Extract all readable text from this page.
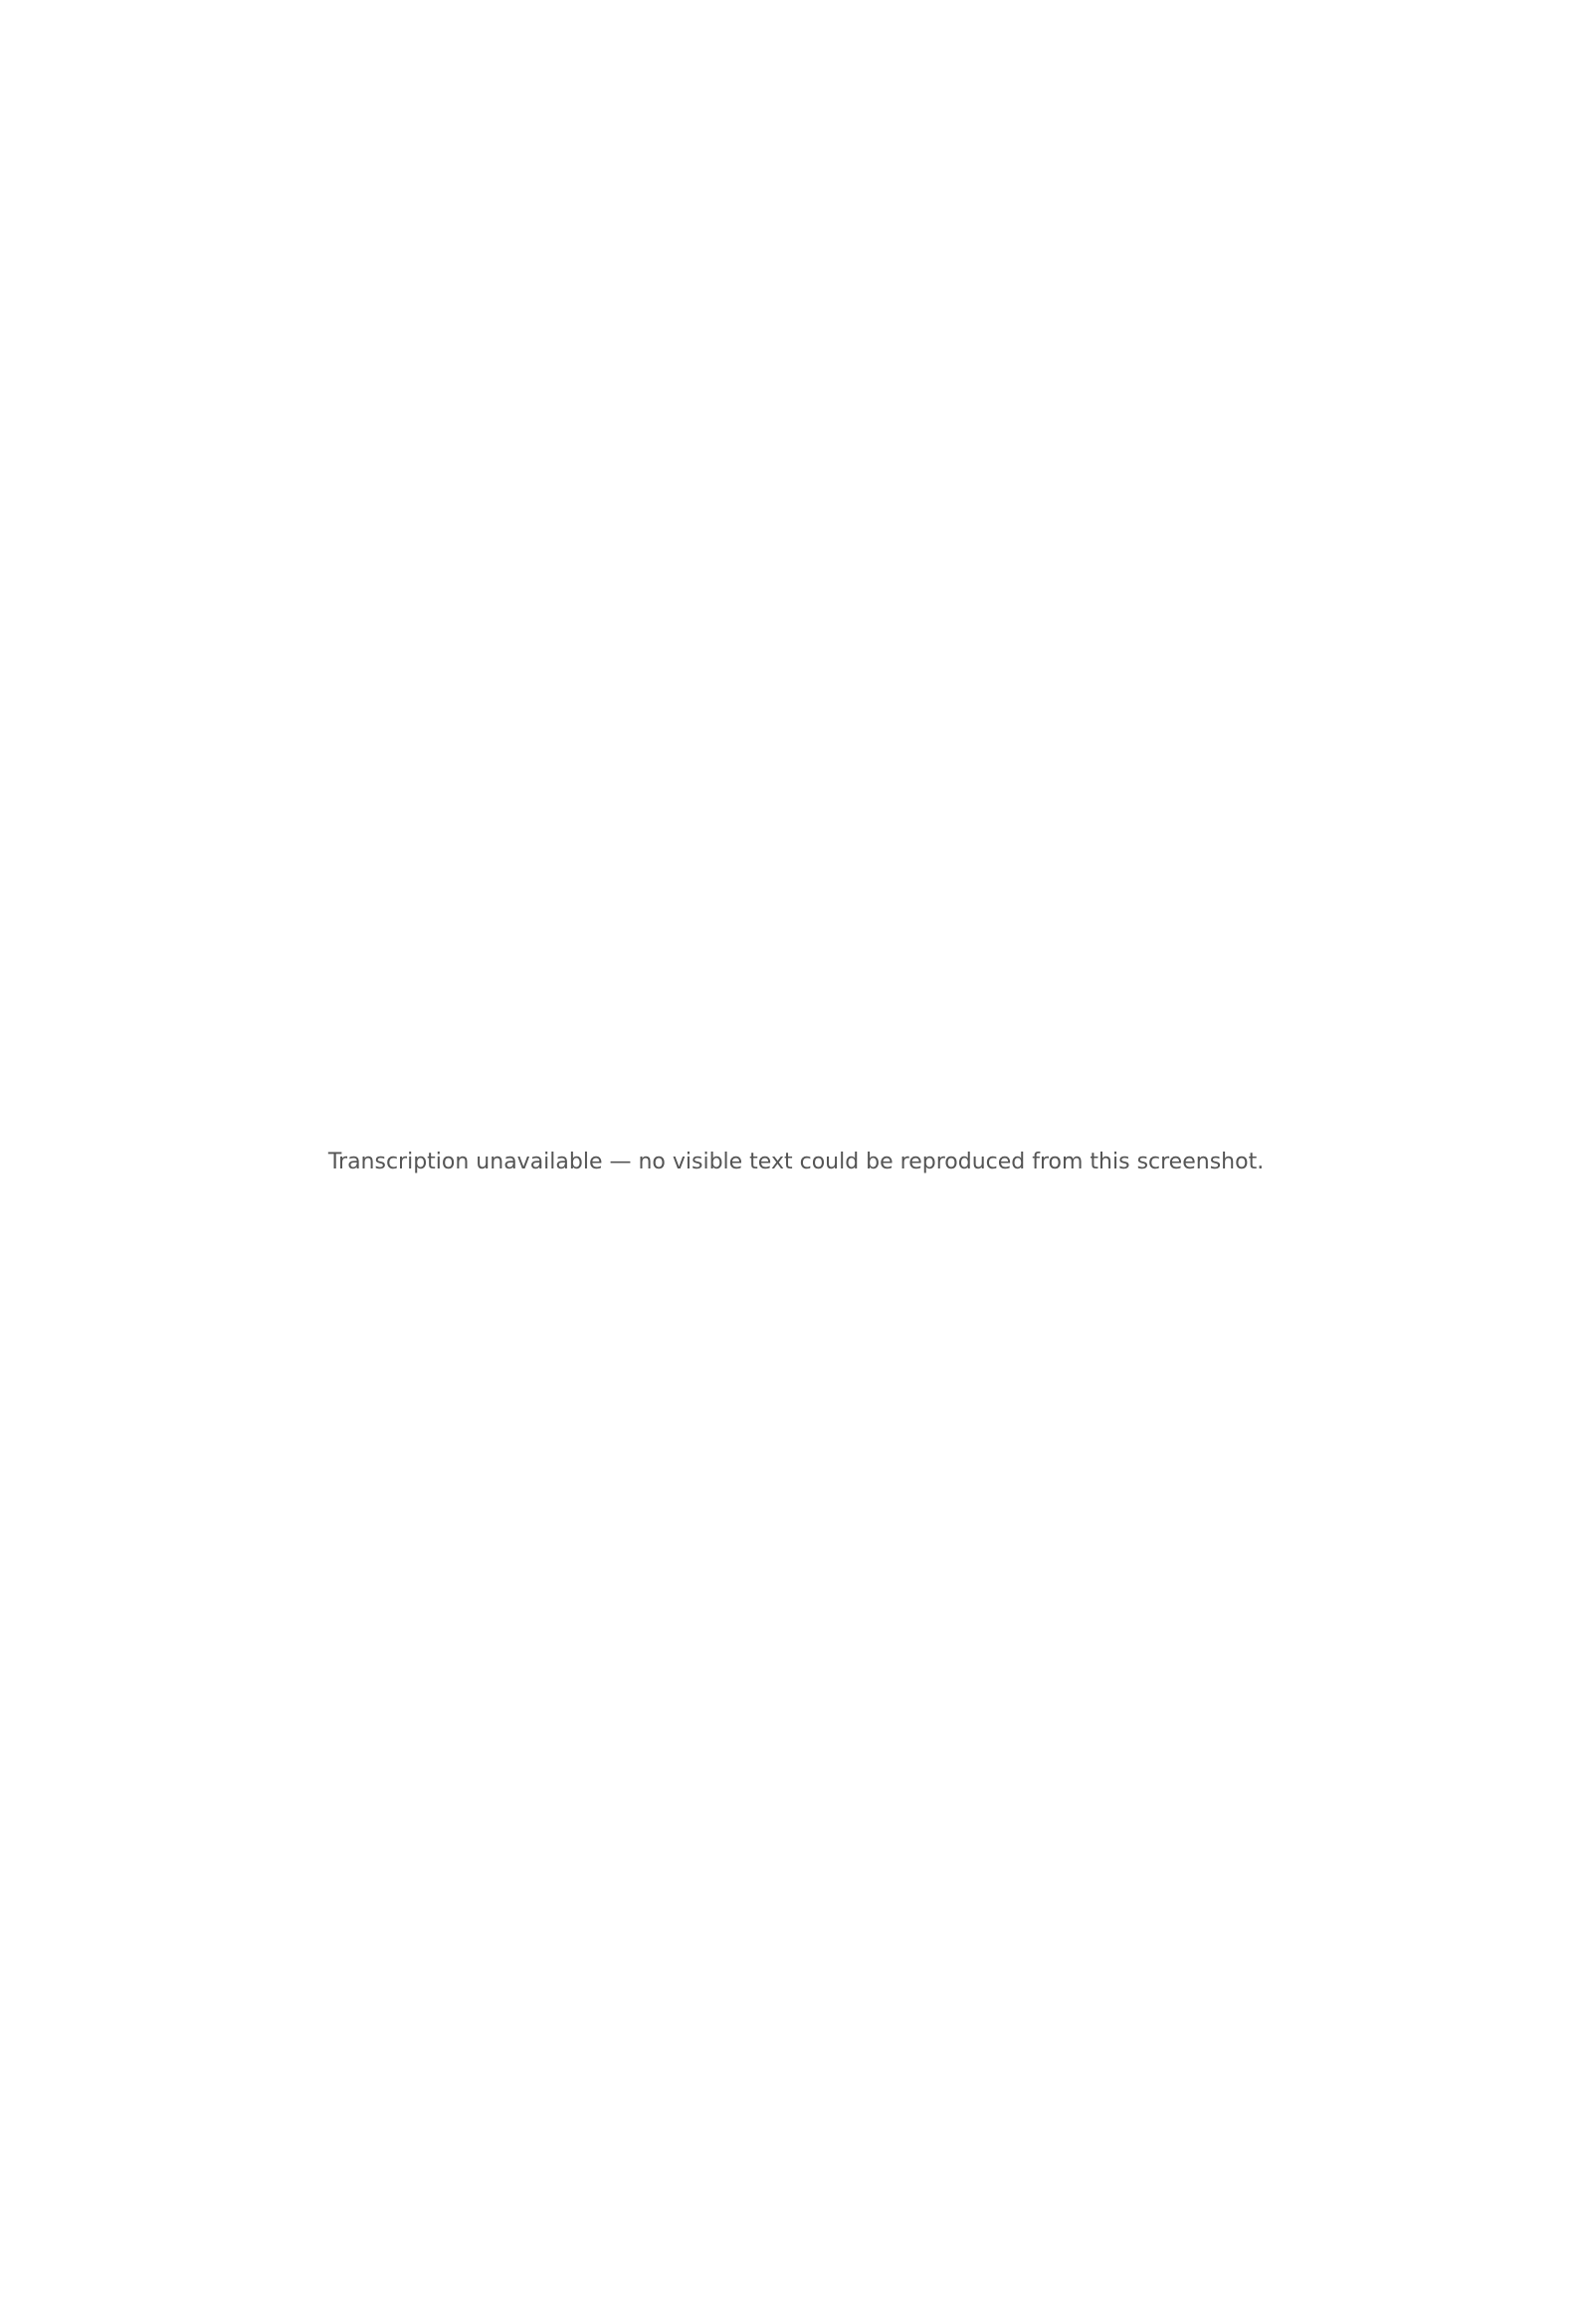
Transcription unavailable — no visible text could be reproduced from this screenshot.
